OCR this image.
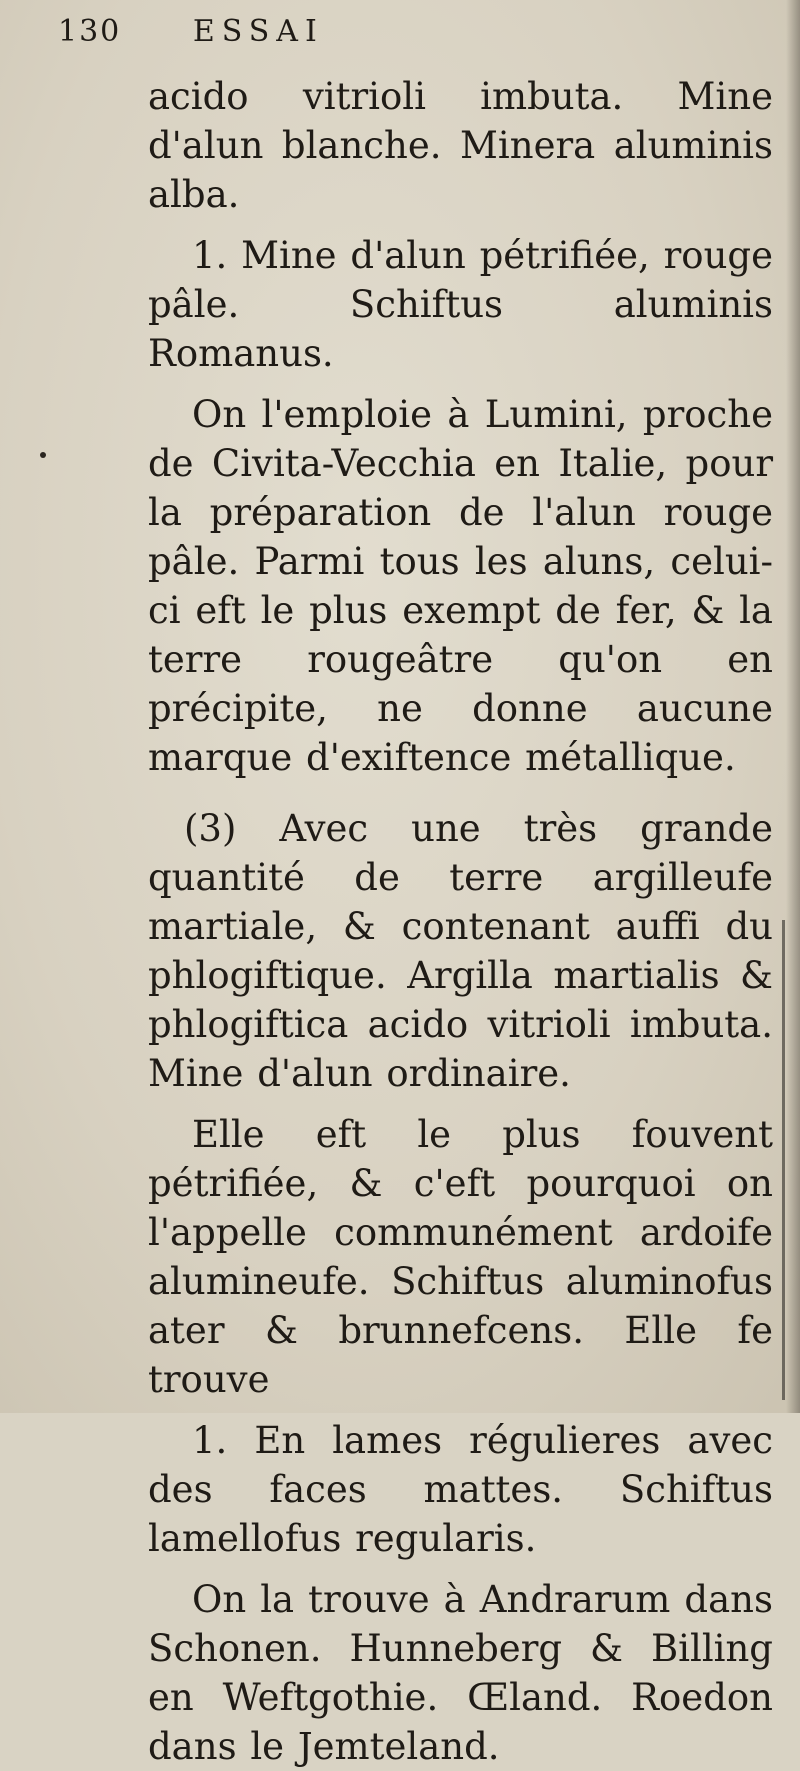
130 ESSAI

acido vitrioli imbuta. Mine d'alun blanche. Minera aluminis alba.

1. Mine d'alun pétrifiée, rouge pâle. Schiftus aluminis Romanus.

On l'emploie à Lumini, proche de Civita-Vecchia en Italie, pour la préparation de l'alun rouge pâle. Parmi tous les aluns, celui-ci eft le plus exempt de fer, & la terre rougeâtre qu'on en précipite, ne donne aucune marque d'exiftence métallique.

(3) Avec une très grande quantité de terre argilleufe martiale, & contenant auffi du phlogiftique. Argilla martialis & phlogiftica acido vitrioli imbuta. Mine d'alun ordinaire.

Elle eft le plus fouvent pétrifiée, & c'eft pourquoi on l'appelle communément ardoife alumineufe. Schiftus aluminofus ater & brunnefcens. Elle fe trouve

1. En lames régulieres avec des faces mattes. Schiftus lamellofus regularis.

On la trouve à Andrarum dans Schonen. Hunneberg & Billing en Weftgothie. Œland. Roedon dans le Jemteland.
